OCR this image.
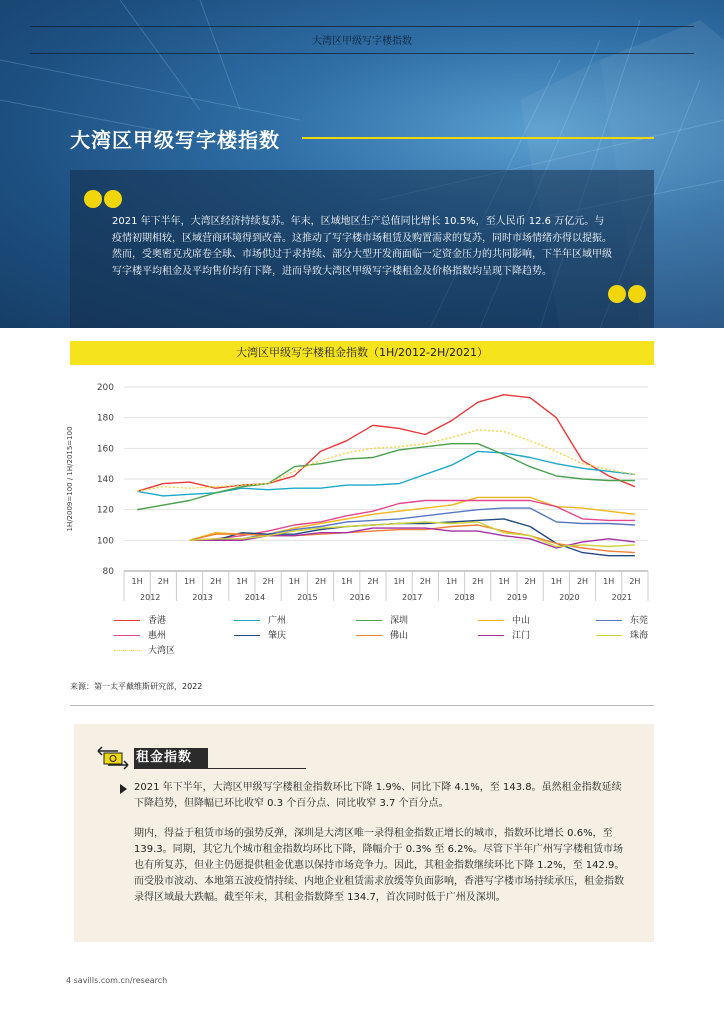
大湾区甲级写字楼指数
大湾区甲级写字楼指数
2021 年下半年，大湾区经济持续复苏。年末，区域地区生产总值同比增长 10.5%，至人民币 12.6 万亿元。与疫情初期相较，区域营商环境得到改善。这推动了写字楼市场租赁及购置需求的复苏，同时市场情绪亦得以提振。然而，受奥密克戎席卷全球、市场供过于求持续、部分大型开发商面临一定资金压力的共同影响，下半年区域甲级写字楼平均租金及平均售价均有下降，进而导致大湾区甲级写字楼租金及价格指数均呈现下降趋势。
大湾区甲级写字楼租金指数（1H/2012-2H/2021）
80
100
120
140
160
180
200
1H/2009=100 / 1H/2015=100
1H 2H 1H 2H 1H 2H 1H 2H 1H 2H 1H 2H 1H 2H 1H 2H 1H 2H 1H 2H
2012	2013	2014	2015	2016	2017	2018	2019	2020	2021
香港	广州	深圳	中山	东莞
惠州	肇庆	佛山	江门	珠海
大湾区
来源：第一太平戴维斯研究部，2022
租金指数
2021 年下半年，大湾区甲级写字楼租金指数环比下降 1.9%、同比下降 4.1%，至 143.8。虽然租金指数延续下降趋势，但降幅已环比收窄 0.3 个百分点、同比收窄 3.7 个百分点。
期内，得益于租赁市场的强势反弹，深圳是大湾区唯一录得租金指数正增长的城市，指数环比增长 0.6%，至 139.3。同期，其它九个城市租金指数均环比下降，降幅介于 0.3% 至 6.2%。尽管下半年广州写字楼租赁市场也有所复苏，但业主仍愿提供租金优惠以保持市场竞争力。因此，其租金指数继续环比下降 1.2%，至 142.9。而受股市波动、本地第五波疫情持续、内地企业租赁需求放缓等负面影响，香港写字楼市场持续承压，租金指数录得区域最大跌幅。截至年末，其租金指数降至 134.7，首次同时低于广州及深圳。
4 savills.com.cn/research
